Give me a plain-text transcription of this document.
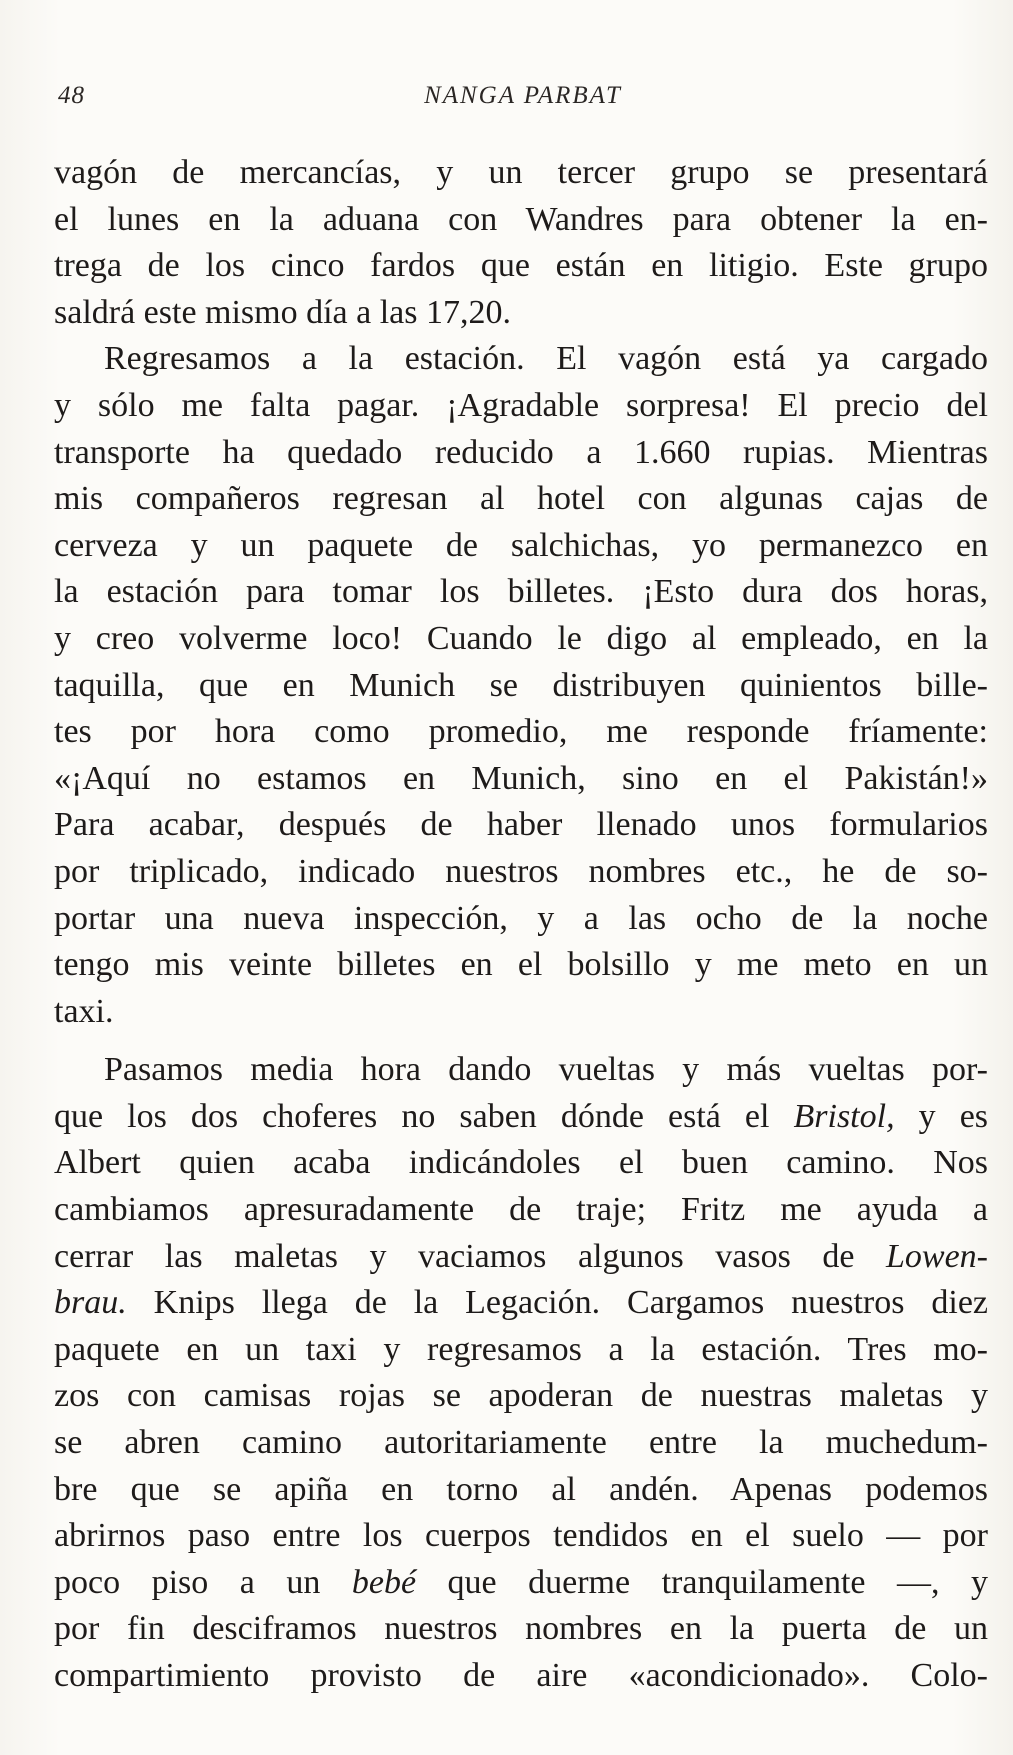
48	NANGA PARBAT
vagón de mercancías, y un tercer grupo se presentará
el lunes en la aduana con Wandres para obtener la en-
trega de los cinco fardos que están en litigio. Este grupo
saldrá este mismo día a las 17,20.
Regresamos a la estación. El vagón está ya cargado
y sólo me falta pagar. ¡Agradable sorpresa! El precio del
transporte ha quedado reducido a 1.660 rupias. Mientras
mis compañeros regresan al hotel con algunas cajas de
cerveza y un paquete de salchichas, yo permanezco en
la estación para tomar los billetes. ¡Esto dura dos horas,
y creo volverme loco! Cuando le digo al empleado, en la
taquilla, que en Munich se distribuyen quinientos bille-
tes por hora como promedio, me responde fríamente:
«¡Aquí no estamos en Munich, sino en el Pakistán!»
Para acabar, después de haber llenado unos formularios
por triplicado, indicado nuestros nombres etc., he de so-
portar una nueva inspección, y a las ocho de la noche
tengo mis veinte billetes en el bolsillo y me meto en un
taxi.
Pasamos media hora dando vueltas y más vueltas por-
que los dos choferes no saben dónde está el Bristol, y es
Albert quien acaba indicándoles el buen camino. Nos
cambiamos apresuradamente de traje; Fritz me ayuda a
cerrar las maletas y vaciamos algunos vasos de Lowen-
brau. Knips llega de la Legación. Cargamos nuestros diez
paquete en un taxi y regresamos a la estación. Tres mo-
zos con camisas rojas se apoderan de nuestras maletas y
se abren camino autoritariamente entre la muchedum-
bre que se apiña en torno al andén. Apenas podemos
abrirnos paso entre los cuerpos tendidos en el suelo — por
poco piso a un bebé que duerme tranquilamente —, y
por fin desciframos nuestros nombres en la puerta de un
compartimiento provisto de aire «acondicionado». Colo-
